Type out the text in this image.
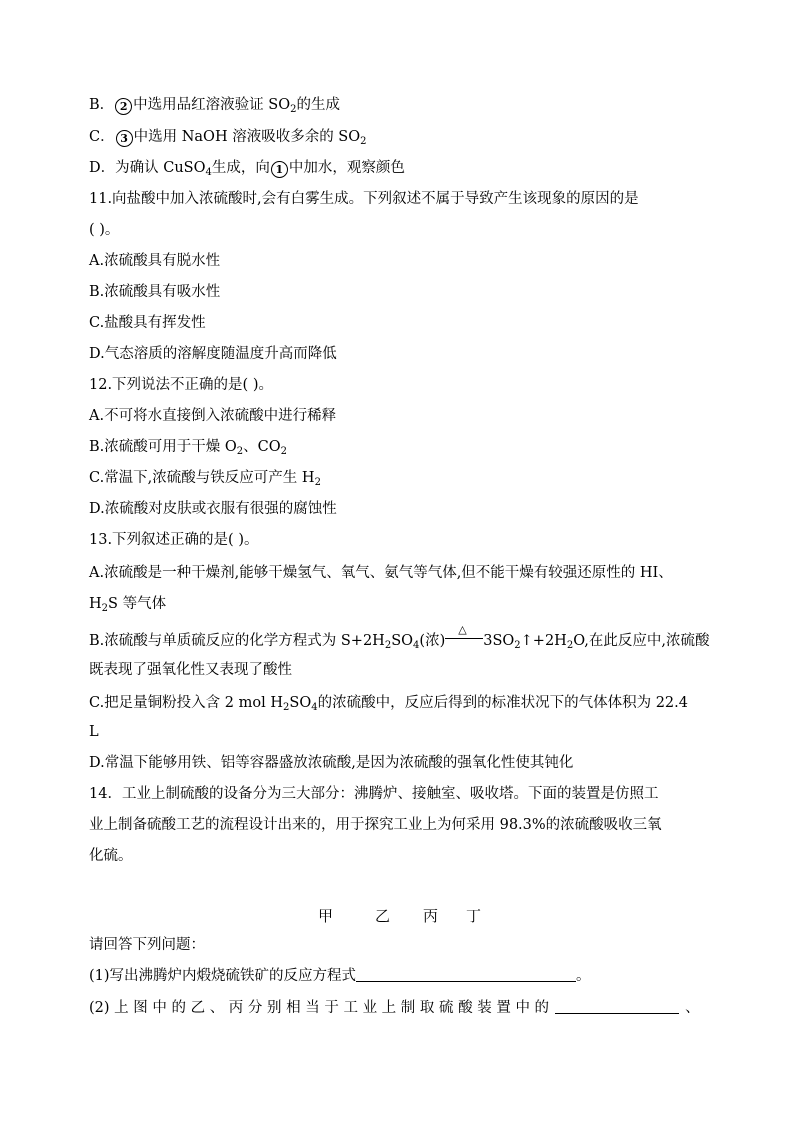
B． 2 中选用品红溶液验证 $SO_2$的生成
C． 3 中选用 NaOH 溶液吸收多余的 $SO_2$
D．为确认 CuSO$_4$生成，向 1 中加水，观察颜色
11.向盐酸中加入浓硫酸时,会有白雾生成。下列叙述不属于导致产生该现象的原因的是
( )。
A.浓硫酸具有脱水性
B.浓硫酸具有吸水性
C.盐酸具有挥发性
D.气态溶质的溶解度随温度升高而降低
12.下列说法不正确的是( )。
A.不可将水直接倒入浓硫酸中进行稀释
B.浓硫酸可用于干燥 $O_2$、$CO_2$
C.常温下,浓硫酸与铁反应可产生 $H_2$
D.浓硫酸对皮肤或衣服有很强的腐蚀性
13.下列叙述正确的是( )。
A.浓硫酸是一种干燥剂,能够干燥氢气、氧气、氨气等气体,但不能干燥有较强还原性的 HI、
$H_2S$ 等气体
B.浓硫酸与单质硫反应的化学方程式为 $S+2H_2SO_4$(浓)
△
$3SO_2↑+2H_2O$,在此反应中,浓硫酸
既表现了强氧化性又表现了酸性
C.把足量铜粉投入含 2 mol $H_2SO_4$的浓硫酸中，反应后得到的标准状况下的气体体积为 22.4
L
D.常温下能够用铁、铝等容器盛放浓硫酸,是因为浓硫酸的强氧化性使其钝化
14．工业上制硫酸的设备分为三大部分：沸腾炉、接触室、吸收塔。下面的装置是仿照工
业上制备硫酸工艺的流程设计出来的，用于探究工业上为何采用 98.3%的浓硫酸吸收三氧
化硫。
甲	乙 丙 丁
请回答下列问题：
(1)写出沸腾炉内煅烧硫铁矿的反应方程式	。
(2) 上 图 中 的 乙 、 丙 分 别 相 当 于 工 业 上 制 取 硫 酸 装 置 中 的	、
